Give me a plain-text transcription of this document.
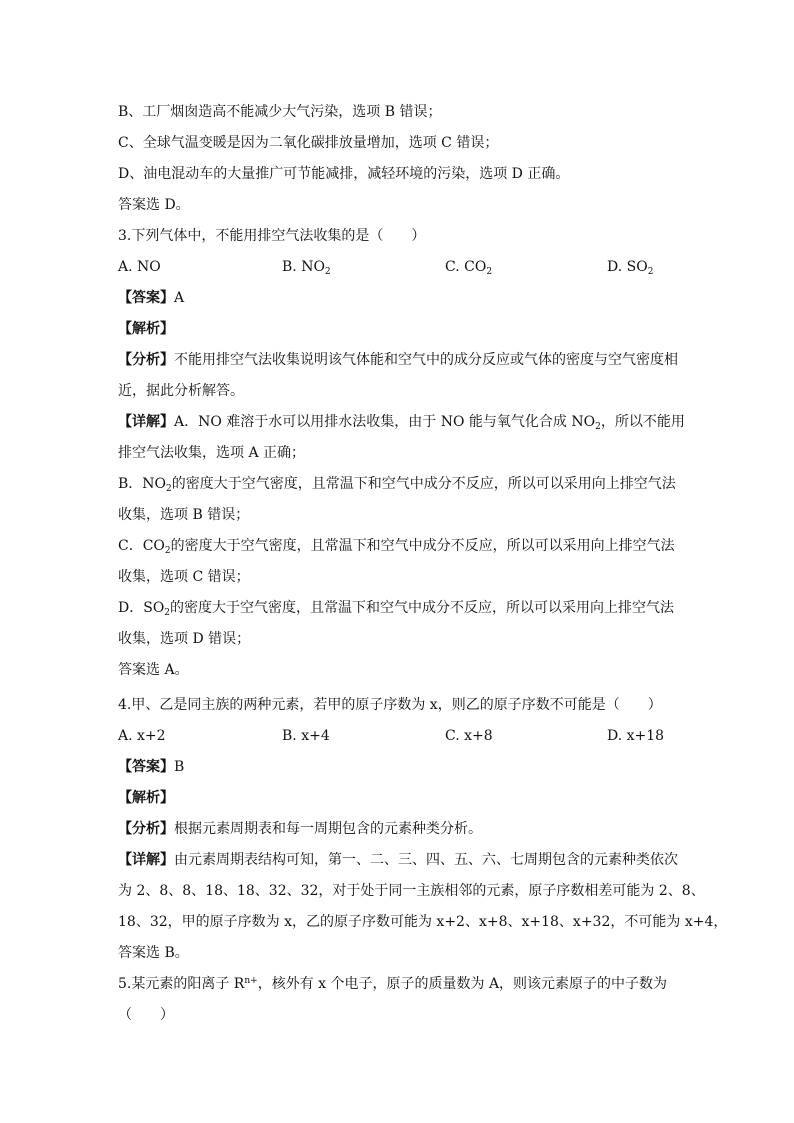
B、工厂烟囱造高不能减少大气污染，选项 B 错误；
C、全球气温变暖是因为二氧化碳排放量增加，选项 C 错误；
D、油电混动车的大量推广可节能减排，减轻环境的污染，选项 D 正确。
答案选 D。
3.下列气体中，不能用排空气法收集的是（　　）
A. NO	B. $NO_2$	C. $CO_2$	D. $SO_2$
【答案】A
【解析】
【分析】不能用排空气法收集说明该气体能和空气中的成分反应或气体的密度与空气密度相
近，据此分析解答。
【详解】A．NO 难溶于水可以用排水法收集，由于 NO 能与氧气化合成 $NO_2$，所以不能用
排空气法收集，选项 A 正确；
B．$NO_2$的密度大于空气密度，且常温下和空气中成分不反应，所以可以采用向上排空气法
收集，选项 B 错误；
C．$CO_2$的密度大于空气密度，且常温下和空气中成分不反应，所以可以采用向上排空气法
收集，选项 C 错误；
D．$SO_2$的密度大于空气密度，且常温下和空气中成分不反应，所以可以采用向上排空气法
收集，选项 D 错误；
答案选 A。
4.甲、乙是同主族的两种元素，若甲的原子序数为 x，则乙的原子序数不可能是（　　）
A. x+2	B. x+4	C. x+8	D. x+18
【答案】B
【解析】
【分析】根据元素周期表和每一周期包含的元素种类分析。
【详解】由元素周期表结构可知，第一、二、三、四、五、六、七周期包含的元素种类依次
为 2、8、8、18、18、32、32，对于处于同一主族相邻的元素，原子序数相差可能为 2、8、
18、32，甲的原子序数为 x，乙的原子序数可能为 x+2、x+8、x+18、x+32，不可能为 x+4，
答案选 B。
5.某元素的阳离子 $R^{n+}$，核外有 x 个电子，原子的质量数为 A，则该元素原子的中子数为
（　　）
